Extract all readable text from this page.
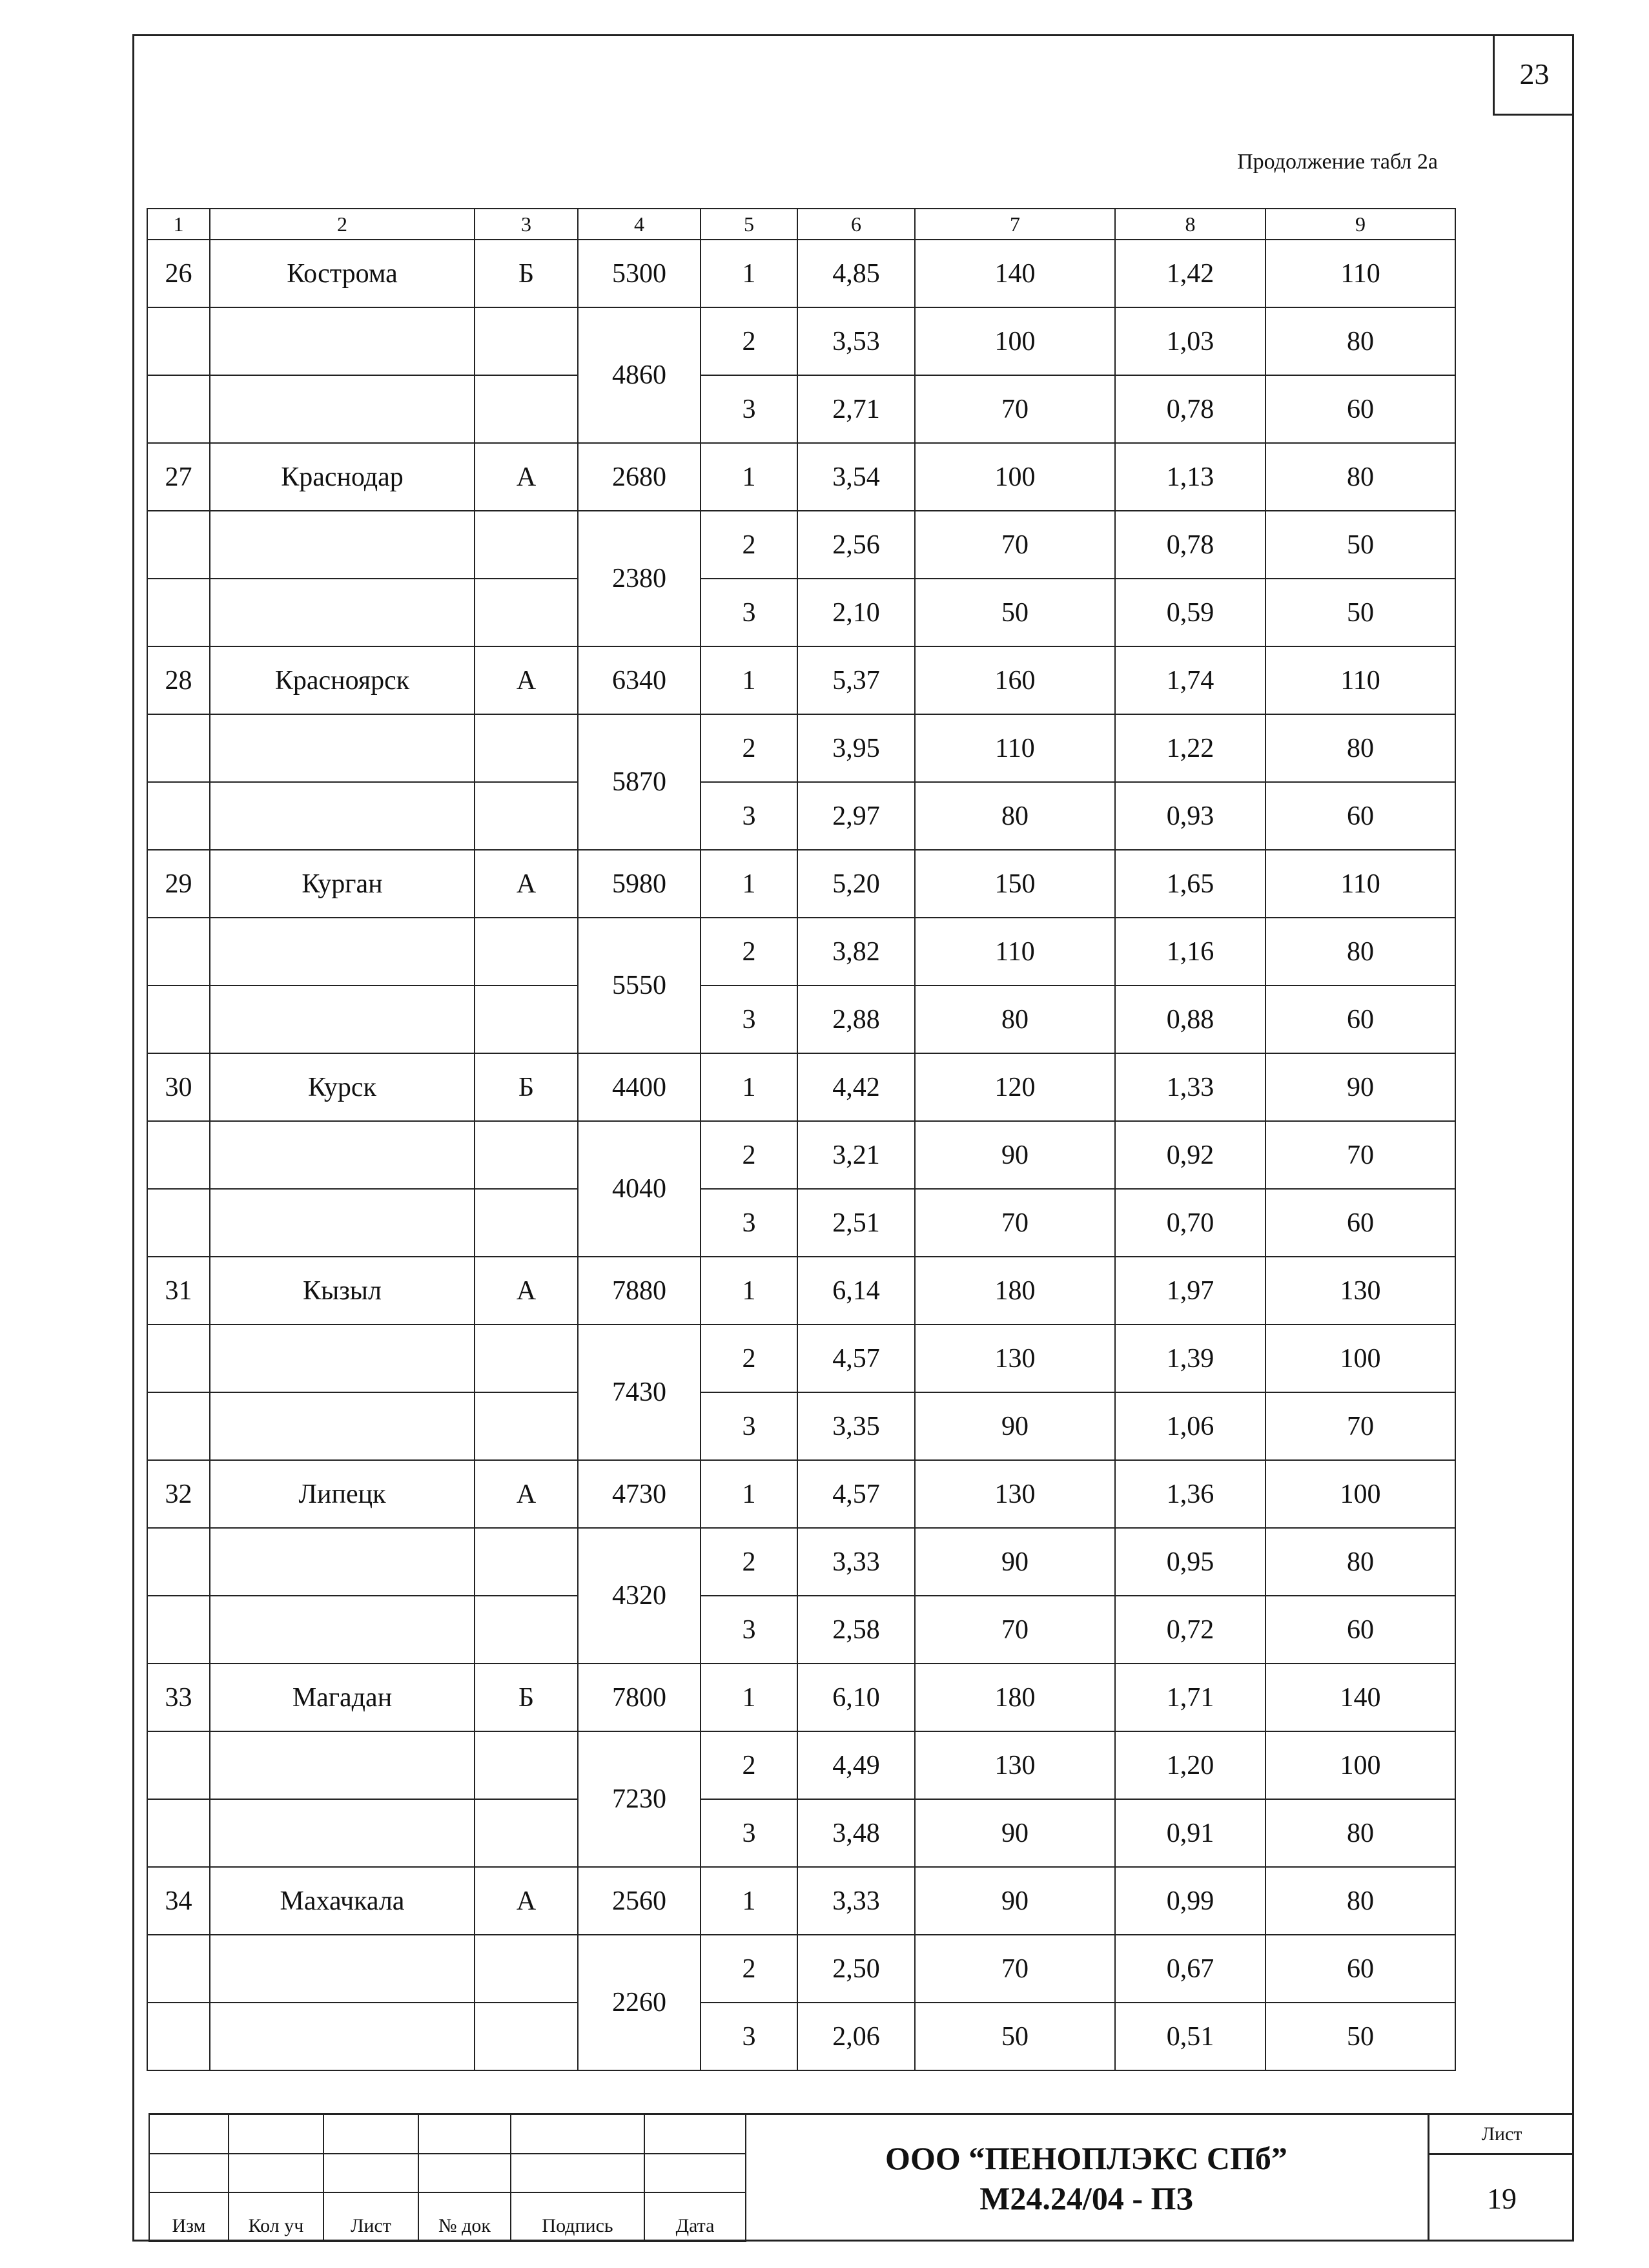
23
Продолжение табл 2а
1	2	3	4	5	6	7	8	9
26	Кострома	Б	5300	1	4,85	140	1,42	110
			4860	2	3,53	100	1,03	80
				3	2,71	70	0,78	60
27	Краснодар	А	2680	1	3,54	100	1,13	80
			2380	2	2,56	70	0,78	50
				3	2,10	50	0,59	50
28	Красноярск	А	6340	1	5,37	160	1,74	110
			5870	2	3,95	110	1,22	80
				3	2,97	80	0,93	60
29	Курган	А	5980	1	5,20	150	1,65	110
			5550	2	3,82	110	1,16	80
				3	2,88	80	0,88	60
30	Курск	Б	4400	1	4,42	120	1,33	90
			4040	2	3,21	90	0,92	70
				3	2,51	70	0,70	60
31	Кызыл	А	7880	1	6,14	180	1,97	130
			7430	2	4,57	130	1,39	100
				3	3,35	90	1,06	70
32	Липецк	А	4730	1	4,57	130	1,36	100
			4320	2	3,33	90	0,95	80
				3	2,58	70	0,72	60
33	Магадан	Б	7800	1	6,10	180	1,71	140
			7230	2	4,49	130	1,20	100
				3	3,48	90	0,91	80
34	Махачкала	А	2560	1	3,33	90	0,99	80
			2260	2	2,50	70	0,67	60
				3	2,06	50	0,51	50

Изм	Кол уч	Лист	№ док	Подпись	Дата
ООО “ПЕНОПЛЭКС СПб”
М24.24/04 - ПЗ
Лист
19
